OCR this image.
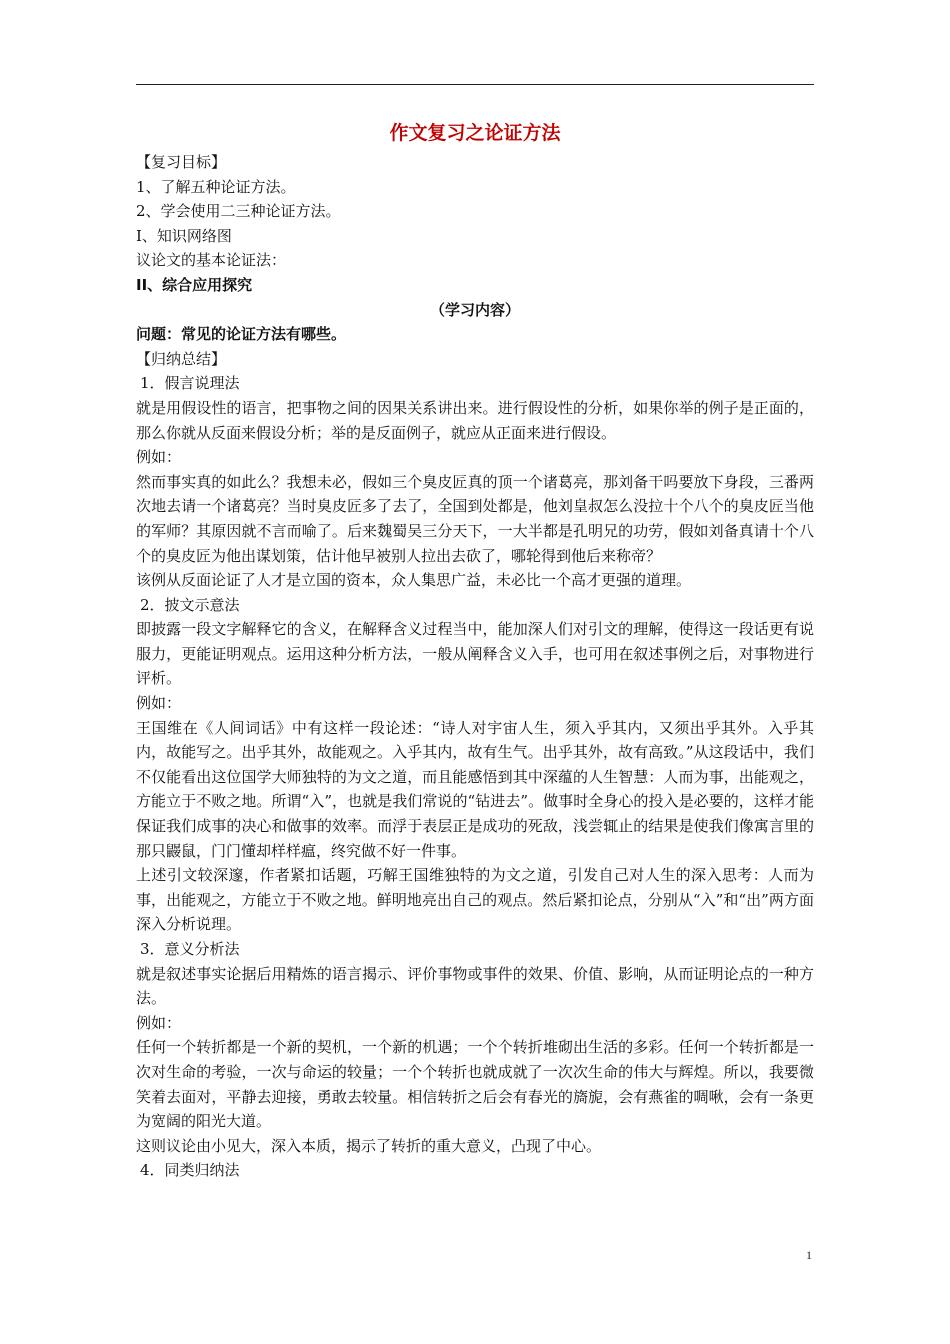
作文复习之论证方法

【复习目标】

1、了解五种论证方法。

2、学会使用二三种论证方法。

I、知识网络图

议论文的基本论证法：

II、综合应用探究

（学习内容）

问题：常见的论证方法有哪些。

【归纳总结】

1．假言说理法

就是用假设性的语言，把事物之间的因果关系讲出来。进行假设性的分析，如果你举的例子是正面的，那么你就从反面来假设分析；举的是反面例子，就应从正面来进行假设。

例如：

然而事实真的如此么？我想未必，假如三个臭皮匠真的顶一个诸葛亮，那刘备干吗要放下身段，三番两次地去请一个诸葛亮？当时臭皮匠多了去了，全国到处都是，他刘皇叔怎么没拉十个八个的臭皮匠当他的军师？其原因就不言而喻了。后来魏蜀吴三分天下，一大半都是孔明兄的功劳，假如刘备真请十个八个的臭皮匠为他出谋划策，估计他早被别人拉出去砍了，哪轮得到他后来称帝？

该例从反面论证了人才是立国的资本，众人集思广益，未必比一个高才更强的道理。

2．披文示意法

即披露一段文字解释它的含义，在解释含义过程当中，能加深人们对引文的理解，使得这一段话更有说服力，更能证明观点。运用这种分析方法，一般从阐释含义入手，也可用在叙述事例之后，对事物进行评析。

例如：

王国维在《人间词话》中有这样一段论述：“诗人对宇宙人生，须入乎其内，又须出乎其外。入乎其内，故能写之。出乎其外，故能观之。入乎其内，故有生气。出乎其外，故有高致。”从这段话中，我们不仅能看出这位国学大师独特的为文之道，而且能感悟到其中深蕴的人生智慧：人而为事，出能观之，方能立于不败之地。所谓“入”，也就是我们常说的“钻进去”。做事时全身心的投入是必要的，这样才能保证我们成事的决心和做事的效率。而浮于表层正是成功的死敌，浅尝辄止的结果是使我们像寓言里的那只鼹鼠，门门懂却样样瘟，终究做不好一件事。

上述引文较深邃，作者紧扣话题，巧解王国维独特的为文之道，引发自己对人生的深入思考：人而为事，出能观之，方能立于不败之地。鲜明地亮出自己的观点。然后紧扣论点，分别从“入”和“出”两方面深入分析说理。

3．意义分析法

就是叙述事实论据后用精炼的语言揭示、评价事物或事件的效果、价值、影响，从而证明论点的一种方法。

例如：

任何一个转折都是一个新的契机，一个新的机遇；一个个转折堆砌出生活的多彩。任何一个转折都是一次对生命的考验，一次与命运的较量；一个个转折也就成就了一次次生命的伟大与辉煌。所以，我要微笑着去面对，平静去迎接，勇敢去较量。相信转折之后会有春光的旖旎，会有燕雀的啁啾，会有一条更为宽阔的阳光大道。

这则议论由小见大，深入本质，揭示了转折的重大意义，凸现了中心。

4．同类归纳法

1
